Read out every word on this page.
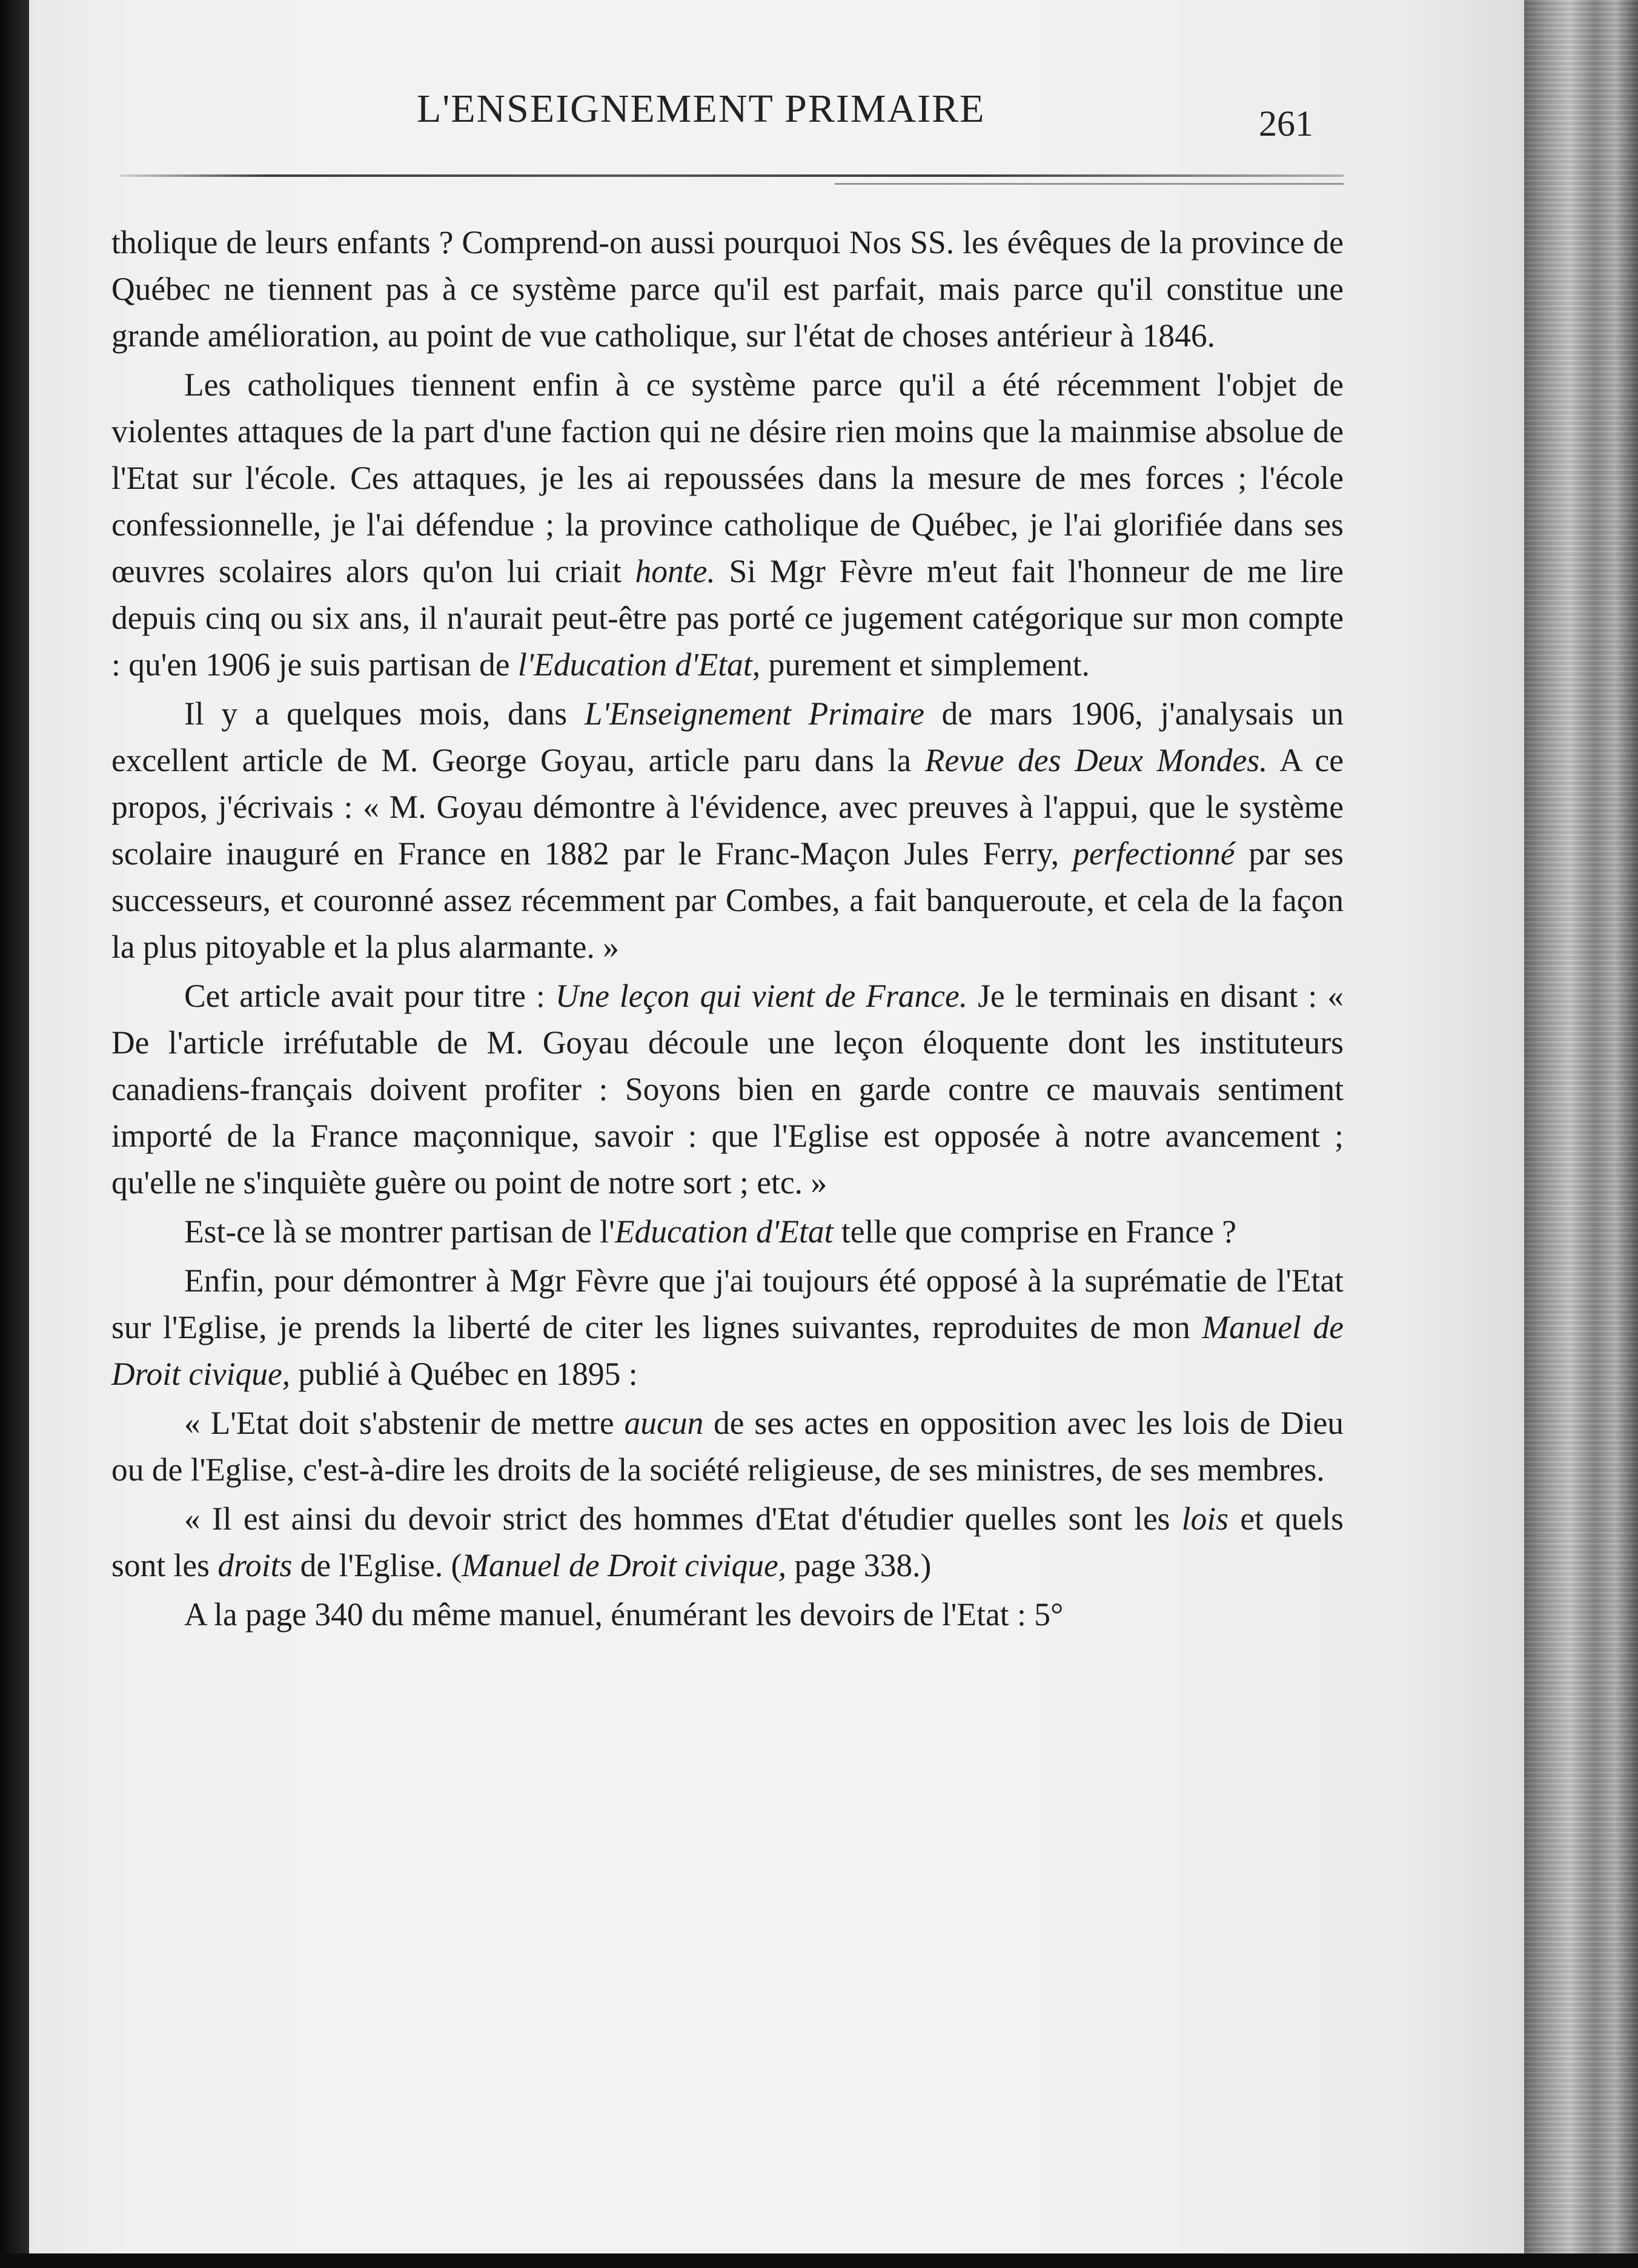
L'ENSEIGNEMENT PRIMAIRE	261

tholique de leurs enfants ? Comprend-on aussi pourquoi Nos SS. les évêques de la province de Québec ne tiennent pas à ce système parce qu'il est parfait, mais parce qu'il constitue une grande amélioration, au point de vue catholique, sur l'état de choses antérieur à 1846.

Les catholiques tiennent enfin à ce système parce qu'il a été récemment l'objet de violentes attaques de la part d'une faction qui ne désire rien moins que la mainmise absolue de l'Etat sur l'école. Ces attaques, je les ai repoussées dans la mesure de mes forces ; l'école confessionnelle, je l'ai défendue ; la province catholique de Québec, je l'ai glorifiée dans ses œuvres scolaires alors qu'on lui criait honte. Si Mgr Fèvre m'eut fait l'honneur de me lire depuis cinq ou six ans, il n'aurait peut-être pas porté ce jugement catégorique sur mon compte : qu'en 1906 je suis partisan de l'Education d'Etat, purement et simplement.

Il y a quelques mois, dans L'Enseignement Primaire de mars 1906, j'analysais un excellent article de M. George Goyau, article paru dans la Revue des Deux Mondes. A ce propos, j'écrivais : « M. Goyau démontre à l'évidence, avec preuves à l'appui, que le système scolaire inauguré en France en 1882 par le Franc-Maçon Jules Ferry, perfectionné par ses successeurs, et couronné assez récemment par Combes, a fait banqueroute, et cela de la façon la plus pitoyable et la plus alarmante. »

Cet article avait pour titre : Une leçon qui vient de France. Je le terminais en disant : « De l'article irréfutable de M. Goyau découle une leçon éloquente dont les instituteurs canadiens-français doivent profiter : Soyons bien en garde contre ce mauvais sentiment importé de la France maçonnique, savoir : que l'Eglise est opposée à notre avancement ; qu'elle ne s'inquiète guère ou point de notre sort ; etc. »

Est-ce là se montrer partisan de l'Education d'Etat telle que comprise en France ?

Enfin, pour démontrer à Mgr Fèvre que j'ai toujours été opposé à la suprématie de l'Etat sur l'Eglise, je prends la liberté de citer les lignes suivantes, reproduites de mon Manuel de Droit civique, publié à Québec en 1895 :

« L'Etat doit s'abstenir de mettre aucun de ses actes en opposition avec les lois de Dieu ou de l'Eglise, c'est-à-dire les droits de la société religieuse, de ses ministres, de ses membres.

« Il est ainsi du devoir strict des hommes d'Etat d'étudier quelles sont les lois et quels sont les droits de l'Eglise. (Manuel de Droit civique, page 338.)

A la page 340 du même manuel, énumérant les devoirs de l'Etat : 5°
